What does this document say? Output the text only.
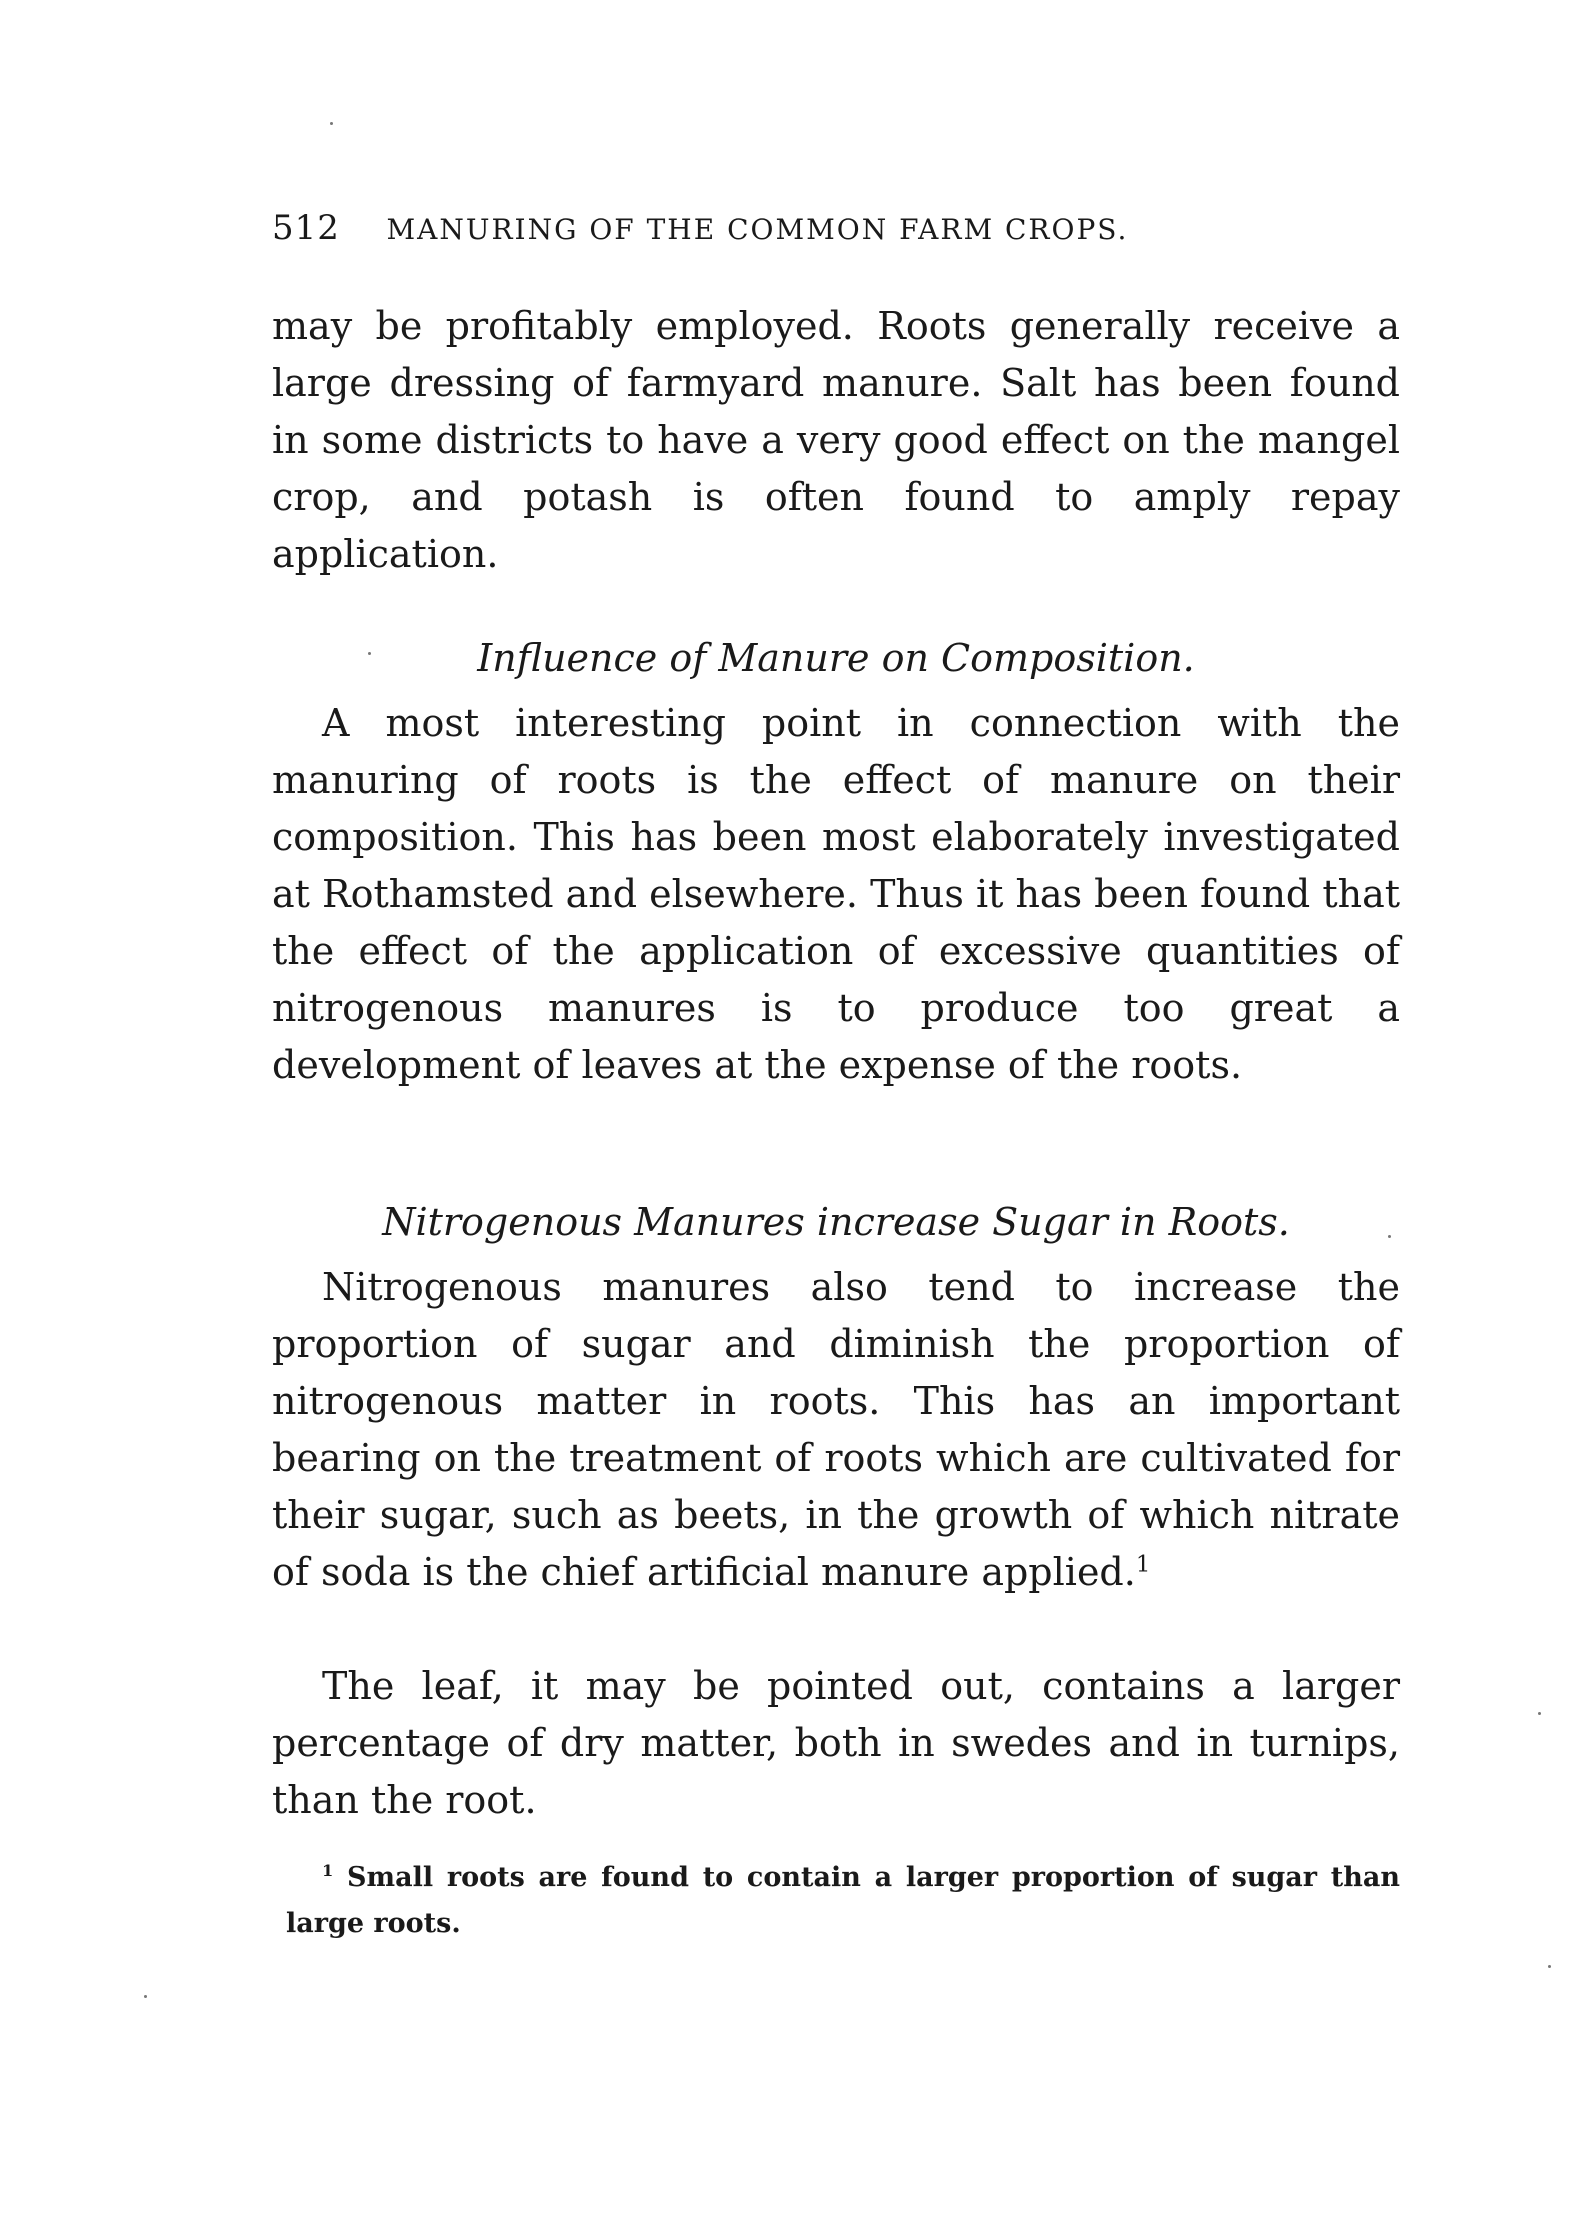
512 MANURING OF THE COMMON FARM CROPS.

may be profitably employed. Roots generally receive a large dressing of farmyard manure. Salt has been found in some districts to have a very good effect on the mangel crop, and potash is often found to amply repay application.

Influence of Manure on Composition.

A most interesting point in connection with the manuring of roots is the effect of manure on their composition. This has been most elaborately investigated at Rothamsted and elsewhere. Thus it has been found that the effect of the application of excessive quantities of nitrogenous manures is to produce too great a development of leaves at the expense of the roots.

Nitrogenous Manures increase Sugar in Roots.

Nitrogenous manures also tend to increase the proportion of sugar and diminish the proportion of nitrogenous matter in roots. This has an important bearing on the treatment of roots which are cultivated for their sugar, such as beets, in the growth of which nitrate of soda is the chief artificial manure applied.$^1$

The leaf, it may be pointed out, contains a larger percentage of dry matter, both in swedes and in turnips, than the root.

$^1$ Small roots are found to contain a larger proportion of sugar than large roots.
